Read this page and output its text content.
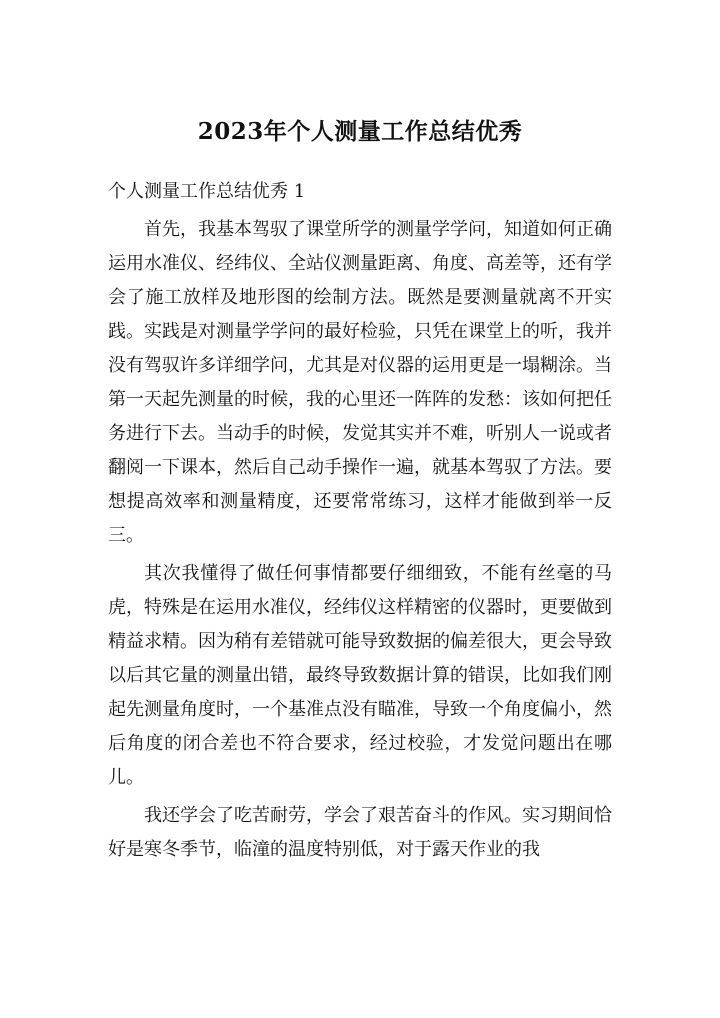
2023年个人测量工作总结优秀

个人测量工作总结优秀 1

首先，我基本驾驭了课堂所学的测量学学问，知道如何正确运用水准仪、经纬仪、全站仪测量距离、角度、高差等，还有学会了施工放样及地形图的绘制方法。既然是要测量就离不开实践。实践是对测量学学问的最好检验，只凭在课堂上的听，我并没有驾驭许多详细学问，尤其是对仪器的运用更是一塌糊涂。当第一天起先测量的时候，我的心里还一阵阵的发愁：该如何把任务进行下去。当动手的时候，发觉其实并不难，听别人一说或者翻阅一下课本，然后自己动手操作一遍，就基本驾驭了方法。要想提高效率和测量精度，还要常常练习，这样才能做到举一反三。

其次我懂得了做任何事情都要仔细细致，不能有丝毫的马虎，特殊是在运用水准仪，经纬仪这样精密的仪器时，更要做到精益求精。因为稍有差错就可能导致数据的偏差很大，更会导致以后其它量的测量出错，最终导致数据计算的错误，比如我们刚起先测量角度时，一个基准点没有瞄准，导致一个角度偏小，然后角度的闭合差也不符合要求，经过校验，才发觉问题出在哪儿。

我还学会了吃苦耐劳，学会了艰苦奋斗的作风。实习期间恰好是寒冬季节，临潼的温度特别低，对于露天作业的我
